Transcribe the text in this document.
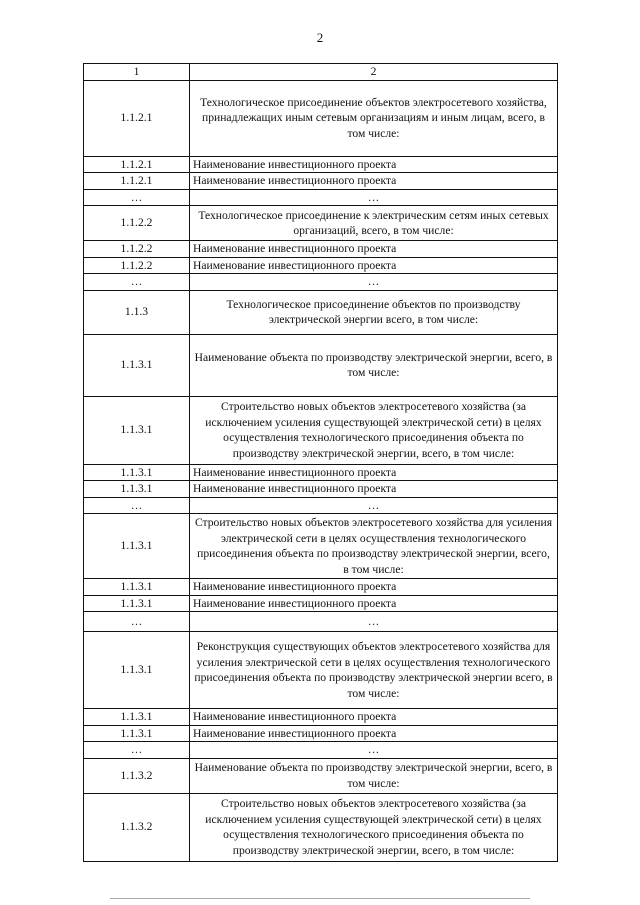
2
1	2
1.1.2.1	Технологическое присоединение объектов электросетевого хозяйства, принадлежащих иным сетевым организациям и иным лицам, всего, в том числе:
1.1.2.1	Наименование инвестиционного проекта
1.1.2.1	Наименование инвестиционного проекта
…	…
1.1.2.2	Технологическое присоединение к электрическим сетям иных сетевых организаций, всего, в том числе:
1.1.2.2	Наименование инвестиционного проекта
1.1.2.2	Наименование инвестиционного проекта
…	…
1.1.3	Технологическое присоединение объектов по производству электрической энергии всего, в том числе:
1.1.3.1	Наименование объекта по производству электрической энергии, всего, в том числе:
1.1.3.1	Строительство новых объектов электросетевого хозяйства (за исключением усиления существующей электрической сети) в целях осуществления технологического присоединения объекта по производству электрической энергии, всего, в том числе:
1.1.3.1	Наименование инвестиционного проекта
1.1.3.1	Наименование инвестиционного проекта
…	…
1.1.3.1	Строительство новых объектов электросетевого хозяйства для усиления электрической сети в целях осуществления технологического присоединения объекта по производству электрической энергии, всего, в том числе:
1.1.3.1	Наименование инвестиционного проекта
1.1.3.1	Наименование инвестиционного проекта
…	…
1.1.3.1	Реконструкция существующих объектов электросетевого хозяйства для усиления электрической сети в целях осуществления технологического присоединения объекта по производству электрической энергии всего, в том числе:
1.1.3.1	Наименование инвестиционного проекта
1.1.3.1	Наименование инвестиционного проекта
…	…
1.1.3.2	Наименование объекта по производству электрической энергии, всего, в том числе:
1.1.3.2	Строительство новых объектов электросетевого хозяйства (за исключением усиления существующей электрической сети) в целях осуществления технологического присоединения объекта по производству электрической энергии, всего, в том числе:
